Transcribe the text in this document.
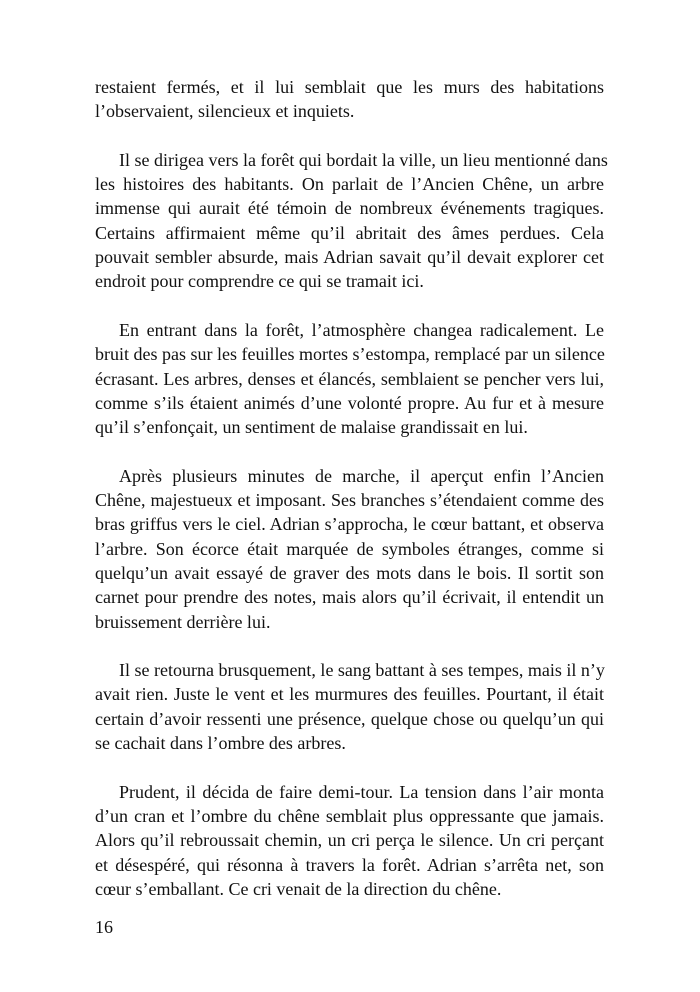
restaient fermés, et il lui semblait que les murs des habitations
l’observaient, silencieux et inquiets.
Il se dirigea vers la forêt qui bordait la ville, un lieu mentionné dans
les histoires des habitants. On parlait de l’Ancien Chêne, un arbre
immense qui aurait été témoin de nombreux événements tragiques.
Certains affirmaient même qu’il abritait des âmes perdues. Cela
pouvait sembler absurde, mais Adrian savait qu’il devait explorer cet
endroit pour comprendre ce qui se tramait ici.
En entrant dans la forêt, l’atmosphère changea radicalement. Le
bruit des pas sur les feuilles mortes s’estompa, remplacé par un silence
écrasant. Les arbres, denses et élancés, semblaient se pencher vers lui,
comme s’ils étaient animés d’une volonté propre. Au fur et à mesure
qu’il s’enfonçait, un sentiment de malaise grandissait en lui.
Après plusieurs minutes de marche, il aperçut enfin l’Ancien
Chêne, majestueux et imposant. Ses branches s’étendaient comme des
bras griffus vers le ciel. Adrian s’approcha, le cœur battant, et observa
l’arbre. Son écorce était marquée de symboles étranges, comme si
quelqu’un avait essayé de graver des mots dans le bois. Il sortit son
carnet pour prendre des notes, mais alors qu’il écrivait, il entendit un
bruissement derrière lui.
Il se retourna brusquement, le sang battant à ses tempes, mais il n’y
avait rien. Juste le vent et les murmures des feuilles. Pourtant, il était
certain d’avoir ressenti une présence, quelque chose ou quelqu’un qui
se cachait dans l’ombre des arbres.
Prudent, il décida de faire demi-tour. La tension dans l’air monta
d’un cran et l’ombre du chêne semblait plus oppressante que jamais.
Alors qu’il rebroussait chemin, un cri perça le silence. Un cri perçant
et désespéré, qui résonna à travers la forêt. Adrian s’arrêta net, son
cœur s’emballant. Ce cri venait de la direction du chêne.
16
